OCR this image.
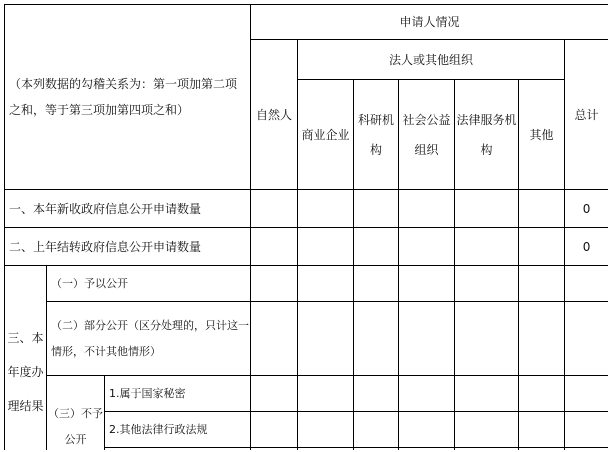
（本列数据的勾稽关系为：第一项加第二项之和，等于第三项加第四项之和）			申请人情况						
			自然人	法人或其他组织					总计
				商业企业	科研机构	社会公益组织	法律服务机构	其他	
一、本年新收政府信息公开申请数量									0
二、上年结转政府信息公开申请数量									0
三、本年度办理结果	（一）予以公开								
	（二）部分公开（区分处理的，只计这一情形，不计其他情形）								
	（三）不予公开	1.属于国家秘密							
		2.其他法律行政法规							
